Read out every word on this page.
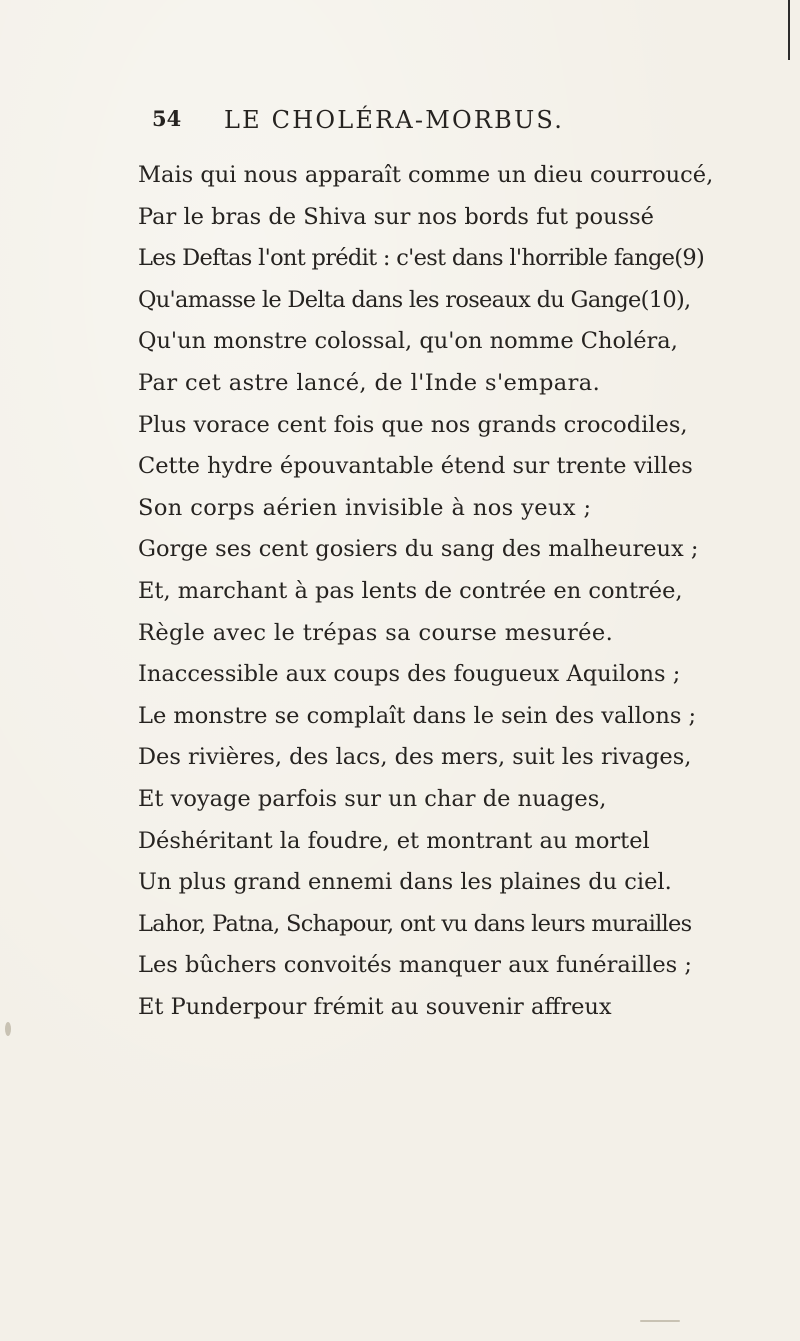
54 LE CHOLÉRA-MORBUS.
Mais qui nous apparaît comme un dieu courroucé,
Par le bras de Shiva sur nos bords fut poussé
Les Deftas l'ont prédit : c'est dans l'horrible fange(9)
Qu'amasse le Delta dans les roseaux du Gange(10),
Qu'un monstre colossal, qu'on nomme Choléra,
Par cet astre lancé, de l'Inde s'empara.
Plus vorace cent fois que nos grands crocodiles,
Cette hydre épouvantable étend sur trente villes
Son corps aérien invisible à nos yeux ;
Gorge ses cent gosiers du sang des malheureux ;
Et, marchant à pas lents de contrée en contrée,
Règle avec le trépas sa course mesurée.
Inaccessible aux coups des fougueux Aquilons ;
Le monstre se complaît dans le sein des vallons ;
Des rivières, des lacs, des mers, suit les rivages,
Et voyage parfois sur un char de nuages,
Déshéritant la foudre, et montrant au mortel
Un plus grand ennemi dans les plaines du ciel.
Lahor, Patna, Schapour, ont vu dans leurs murailles
Les bûchers convoités manquer aux funérailles ;
Et Punderpour frémit au souvenir affreux
